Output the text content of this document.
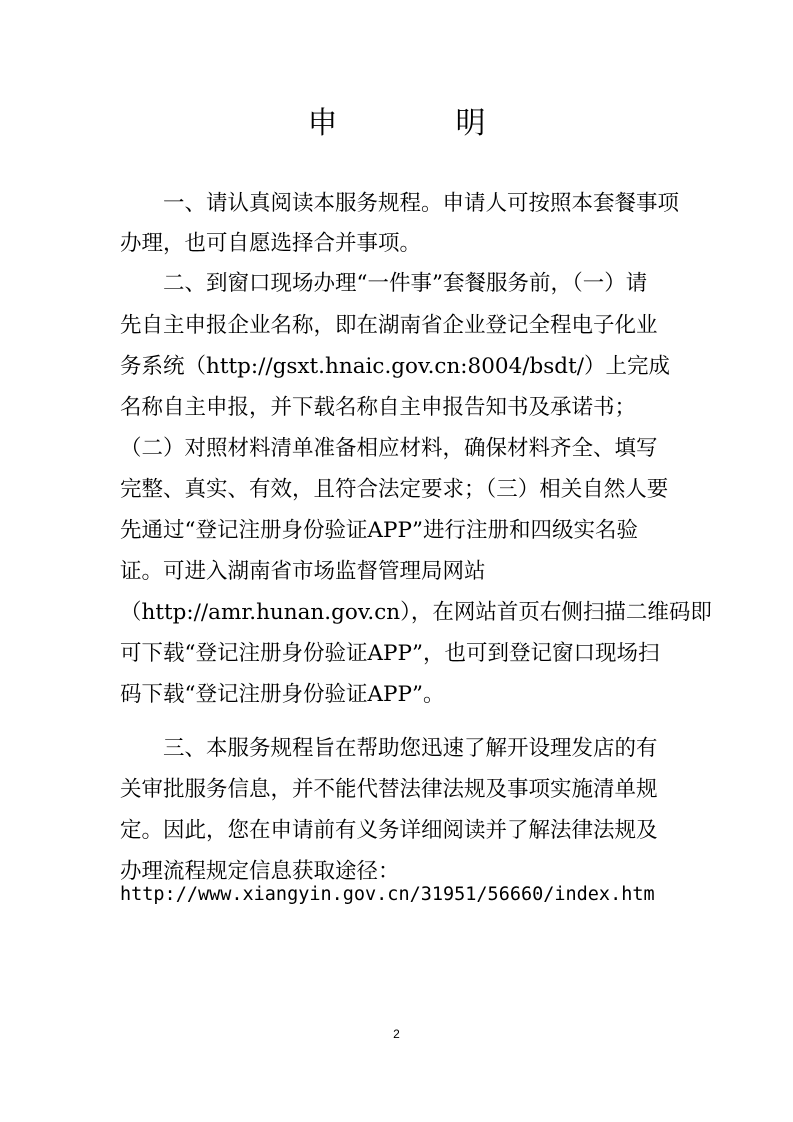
申　明

一、请认真阅读本服务规程。申请人可按照本套餐事项

办理，也可自愿选择合并事项。

二、到窗口现场办理“一件事”套餐服务前，（一）请

先自主申报企业名称，即在湖南省企业登记全程电子化业

务系统（http://gsxt.hnaic.gov.cn:8004/bsdt/）上完成

名称自主申报，并下载名称自主申报告知书及承诺书；

（二）对照材料清单准备相应材料，确保材料齐全、填写

完整、真实、有效，且符合法定要求；（三）相关自然人要

先通过“登记注册身份验证APP”进行注册和四级实名验

证。可进入湖南省市场监督管理局网站

（http://amr.hunan.gov.cn），在网站首页右侧扫描二维码即

可下载“登记注册身份验证APP”，也可到登记窗口现场扫

码下载“登记注册身份验证APP”。

三、本服务规程旨在帮助您迅速了解开设理发店的有

关审批服务信息，并不能代替法律法规及事项实施清单规

定。因此，您在申请前有义务详细阅读并了解法律法规及

办理流程规定信息获取途径：

http://www.xiangyin.gov.cn/31951/56660/index.htm

2
